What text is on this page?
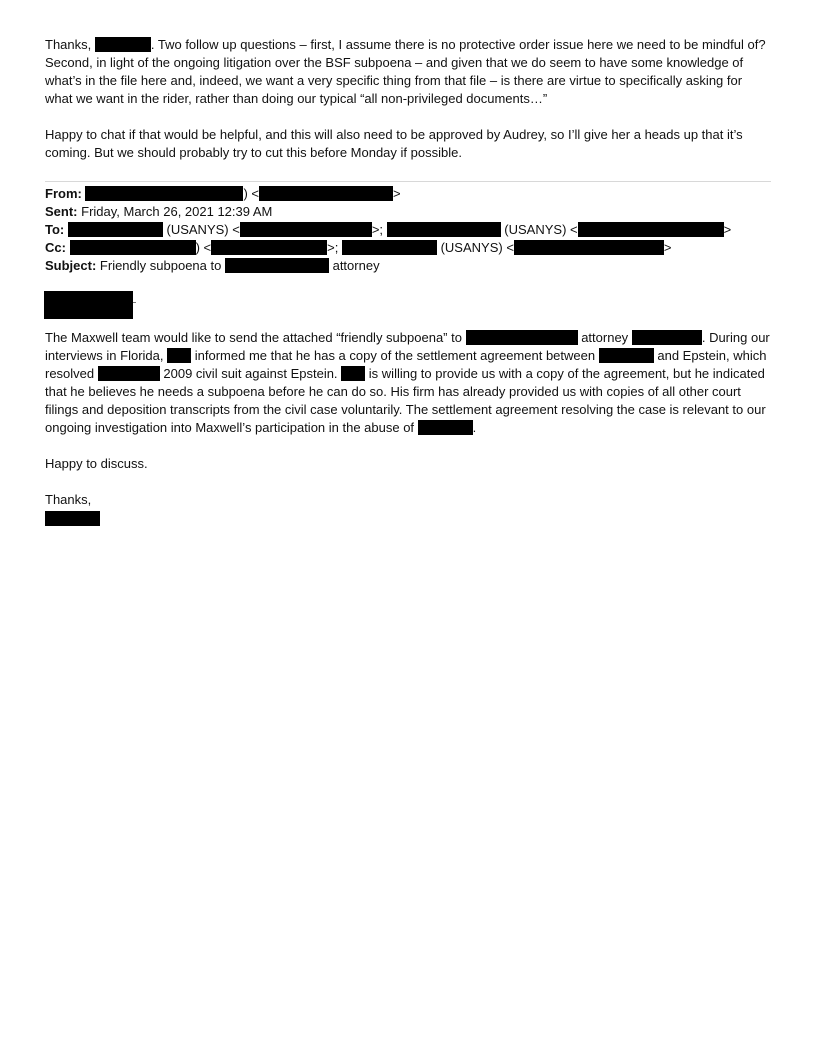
Thanks,	. Two follow up questions – first, I assume there is no protective order issue here we need to be mindful of? Second, in light of the ongoing litigation over the BSF subpoena – and given that we do seem to have some knowledge of what’s in the file here and, indeed, we want a very specific thing from that file – is there are virtue to specifically asking for what we want in the rider, rather than doing our typical “all non-privileged documents…”

Happy to chat if that would be helpful, and this will also need to be approved by Audrey, so I’ll give her a heads up that it’s coming. But we should probably try to cut this before Monday if possible.

From:	) <	>
Sent: Friday, March 26, 2021 12:39 AM
To:	(USANYS) <	>;	(USANYS) <	>
Cc:	) <	>;	(USANYS) <	>
Subject: Friendly subpoena to	attorney

The Maxwell team would like to send the attached “friendly subpoena” to	attorney	. During our interviews in Florida, informed me that he has a copy of the settlement agreement between	and Epstein, which resolved	2009 civil suit against Epstein. is willing to provide us with a copy of the agreement, but he indicated that he believes he needs a subpoena before he can do so. His firm has already provided us with copies of all other court filings and deposition transcripts from the civil case voluntarily. The settlement agreement resolving the case is relevant to our ongoing investigation into Maxwell’s participation in the abuse of	.

Happy to discuss.

Thanks,
